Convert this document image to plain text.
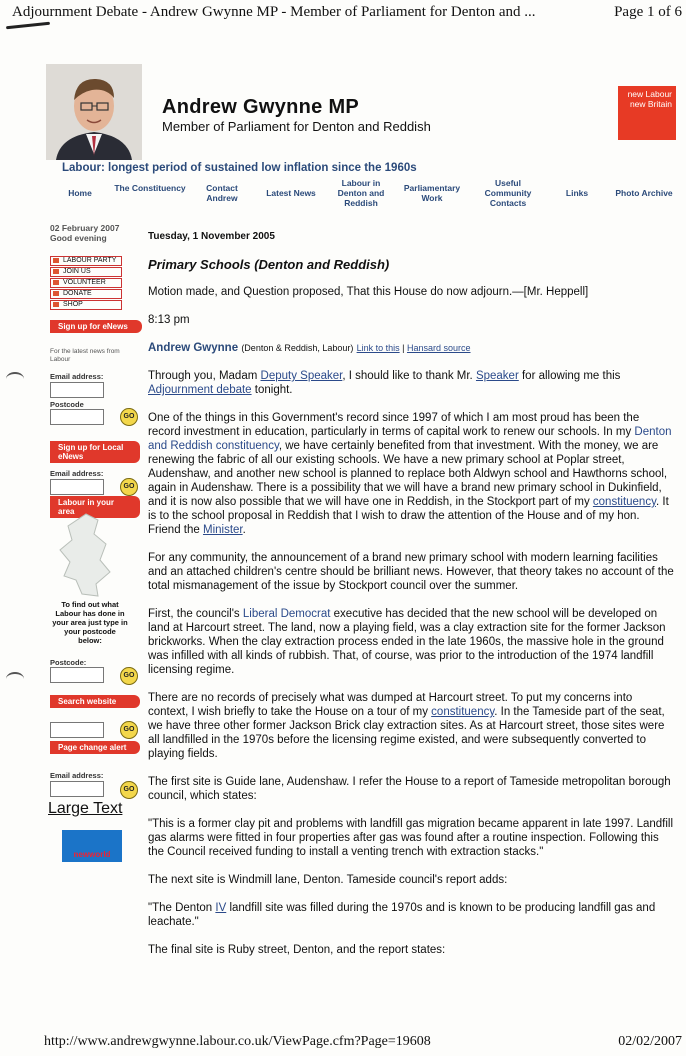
Adjournment Debate - Andrew Gwynne MP - Member of Parliament for Denton and ...	Page 1 of 6
Andrew Gwynne MP
Member of Parliament for Denton and Reddish
new Labour new Britain
Labour: longest period of sustained low inflation since the 1960s
Home	The Constituency	Contact Andrew	Latest News
Labour in Denton and Reddish
Parliamentary Work
Useful Community Contacts
Links	Photo Archive
02 February 2007
Good evening
LABOUR PARTY
JOIN US
VOLUNTEER
DONATE
SHOP
Sign up for eNews
For the latest news from Labour
Email address:
Postcode
GO
Sign up for Local eNews
Email address:
GO
Labour in your area
To find out what Labour has done in your area just type in your postcode below:
Postcode:
GO
Search website
GO
Page change alert
Email address:
GO
Large Text
newworld
Tuesday, 1 November 2005
Primary Schools (Denton and Reddish)

Motion made, and Question proposed, That this House do now adjourn.—[Mr. Heppell]

8:13 pm

Andrew Gwynne (Denton & Reddish, Labour) Link to this | Hansard source

Through you, Madam Deputy Speaker, I should like to thank Mr. Speaker for allowing me this Adjournment debate tonight.

One of the things in this Government's record since 1997 of which I am most proud has been the record investment in education, particularly in terms of capital work to renew our schools. In my Denton and Reddish constituency, we have certainly benefited from that investment. With the money, we are renewing the fabric of all our existing schools. We have a new primary school at Poplar street, Audenshaw, and another new school is planned to replace both Aldwyn school and Hawthorns school, again in Audenshaw. There is a possibility that we will have a brand new primary school in Dukinfield, and it is now also possible that we will have one in Reddish, in the Stockport part of my constituency. It is to the school proposal in Reddish that I wish to draw the attention of the House and of my hon. Friend the Minister.

For any community, the announcement of a brand new primary school with modern learning facilities and an attached children's centre should be brilliant news. However, that theory takes no account of the total mismanagement of the issue by Stockport council over the summer.

First, the council's Liberal Democrat executive has decided that the new school will be developed on land at Harcourt street. The land, now a playing field, was a clay extraction site for the former Jackson brickworks. When the clay extraction process ended in the late 1960s, the massive hole in the ground was infilled with all kinds of rubbish. That, of course, was prior to the introduction of the 1974 landfill licensing regime.

There are no records of precisely what was dumped at Harcourt street. To put my concerns into context, I wish briefly to take the House on a tour of my constituency. In the Tameside part of the seat, we have three other former Jackson Brick clay extraction sites. As at Harcourt street, those sites were all landfilled in the 1970s before the licensing regime existed, and were subsequently converted to playing fields.

The first site is Guide lane, Audenshaw. I refer the House to a report of Tameside metropolitan borough council, which states:

"This is a former clay pit and problems with landfill gas migration became apparent in late 1997. Landfill gas alarms were fitted in four properties after gas was found after a routine inspection. Following this the Council received funding to install a venting trench with extraction stacks."

The next site is Windmill lane, Denton. Tameside council's report adds:

"The Denton IV landfill site was filled during the 1970s and is known to be producing landfill gas and leachate."

The final site is Ruby street, Denton, and the report states:

http://www.andrewgwynne.labour.co.uk/ViewPage.cfm?Page=19608	02/02/2007
